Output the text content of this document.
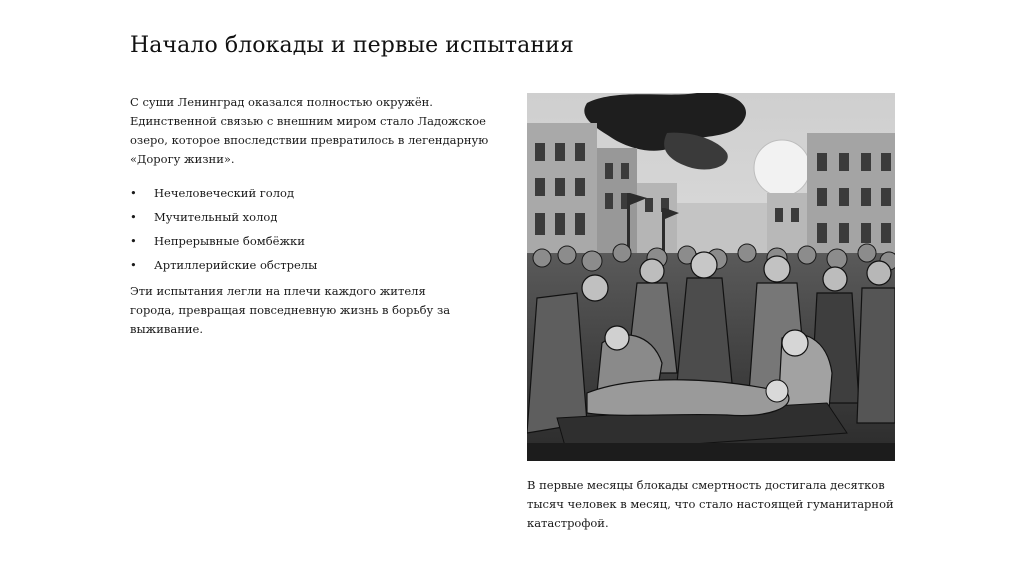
Начало блокады и первые испытания

С суши Ленинград оказался полностью окружён. Единственной связью с внешним миром стало Ладожское озеро, которое впоследствии превратилось в легендарную «Дорогу жизни».

•	Нечеловеческий голод
•	Мучительный холод
•	Непрерывные бомбёжки
•	Артиллерийские обстрелы

Эти испытания легли на плечи каждого жителя города, превращая повседневную жизнь в борьбу за выживание.

В первые месяцы блокады смертность достигала десятков тысяч человек в месяц, что стало настоящей гуманитарной катастрофой.
